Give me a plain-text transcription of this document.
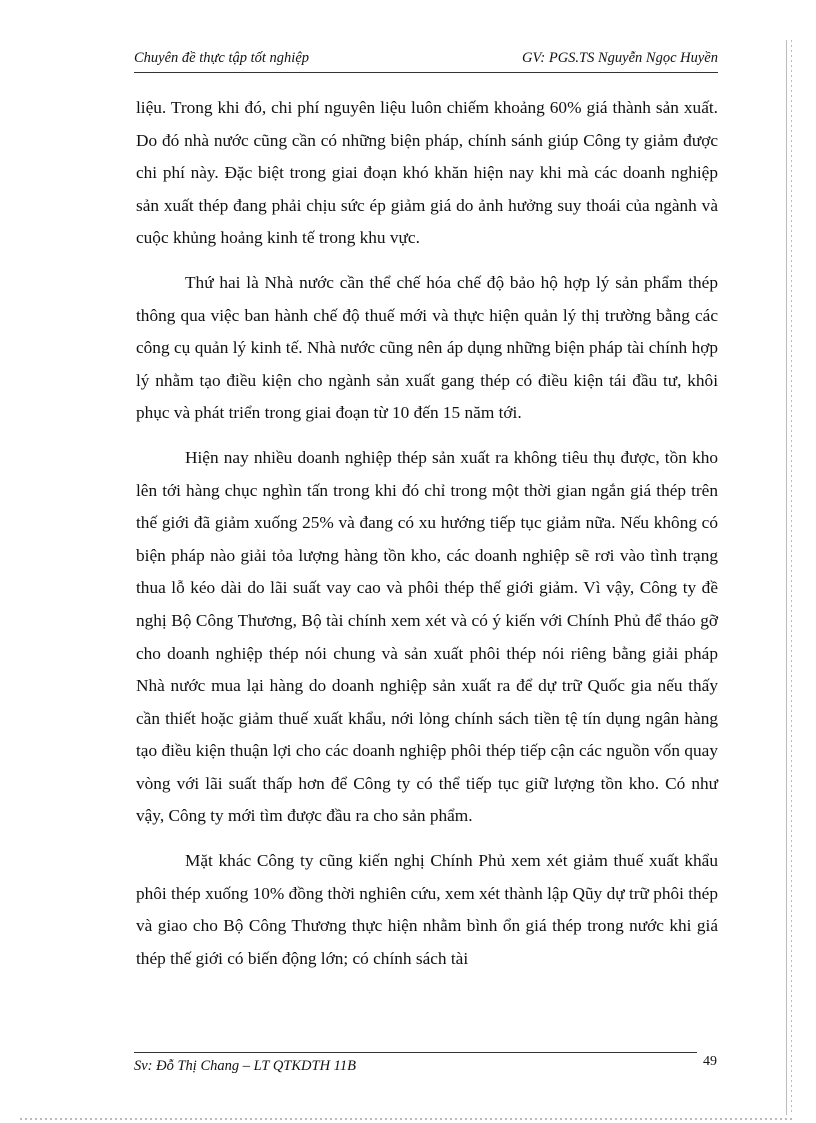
Chuyên đề thực tập tốt nghiệp	GV: PGS.TS Nguyễn Ngọc Huyền

liệu. Trong khi đó, chi phí nguyên liệu luôn chiếm khoảng 60% giá thành sản xuất. Do đó nhà nước cũng cần có những biện pháp, chính sánh giúp Công ty giảm được chi phí này. Đặc biệt trong giai đoạn khó khăn hiện nay khi mà các doanh nghiệp sản xuất thép đang phải chịu sức ép giảm giá do ảnh hưởng suy thoái của ngành và cuộc khủng hoảng kinh tế trong khu vực.

Thứ hai là Nhà nước cần thể chế hóa chế độ bảo hộ hợp lý sản phẩm thép thông qua việc ban hành chế độ thuế mới và thực hiện quản lý thị trường bằng các công cụ quản lý kinh tế. Nhà nước cũng nên áp dụng những biện pháp tài chính hợp lý nhằm tạo điều kiện cho ngành sản xuất gang thép có điều kiện tái đầu tư, khôi phục và phát triển trong giai đoạn từ 10 đến 15 năm tới.

Hiện nay nhiều doanh nghiệp thép sản xuất ra không tiêu thụ được, tồn kho lên tới hàng chục nghìn tấn trong khi đó chỉ trong một thời gian ngắn giá thép trên thế giới đã giảm xuống 25% và đang có xu hướng tiếp tục giảm nữa. Nếu không có biện pháp nào giải tỏa lượng hàng tồn kho, các doanh nghiệp sẽ rơi vào tình trạng thua lỗ kéo dài do lãi suất vay cao và phôi thép thế giới giảm. Vì vậy, Công ty đề nghị Bộ Công Thương, Bộ tài chính xem xét và có ý kiến với Chính Phủ để tháo gỡ cho doanh nghiệp thép nói chung và sản xuất phôi thép nói riêng bằng giải pháp Nhà nước mua lại hàng do doanh nghiệp sản xuất ra để dự trữ Quốc gia nếu thấy cần thiết hoặc giảm thuế xuất khẩu, nới lỏng chính sách tiền tệ tín dụng ngân hàng tạo điều kiện thuận lợi cho các doanh nghiệp phôi thép tiếp cận các nguồn vốn quay vòng với lãi suất thấp hơn để Công ty có thể tiếp tục giữ lượng tồn kho. Có như vậy, Công ty mới tìm được đầu ra cho sản phẩm.

Mặt khác Công ty cũng kiến nghị Chính Phủ xem xét giảm thuế xuất khẩu phôi thép xuống 10% đồng thời nghiên cứu, xem xét thành lập Qũy dự trữ phôi thép và giao cho Bộ Công Thương thực hiện nhằm bình ổn giá thép trong nước khi giá thép thế giới có biến động lớn; có chính sách tài

Sv: Đỗ Thị Chang – LT QTKDTH 11B	49
